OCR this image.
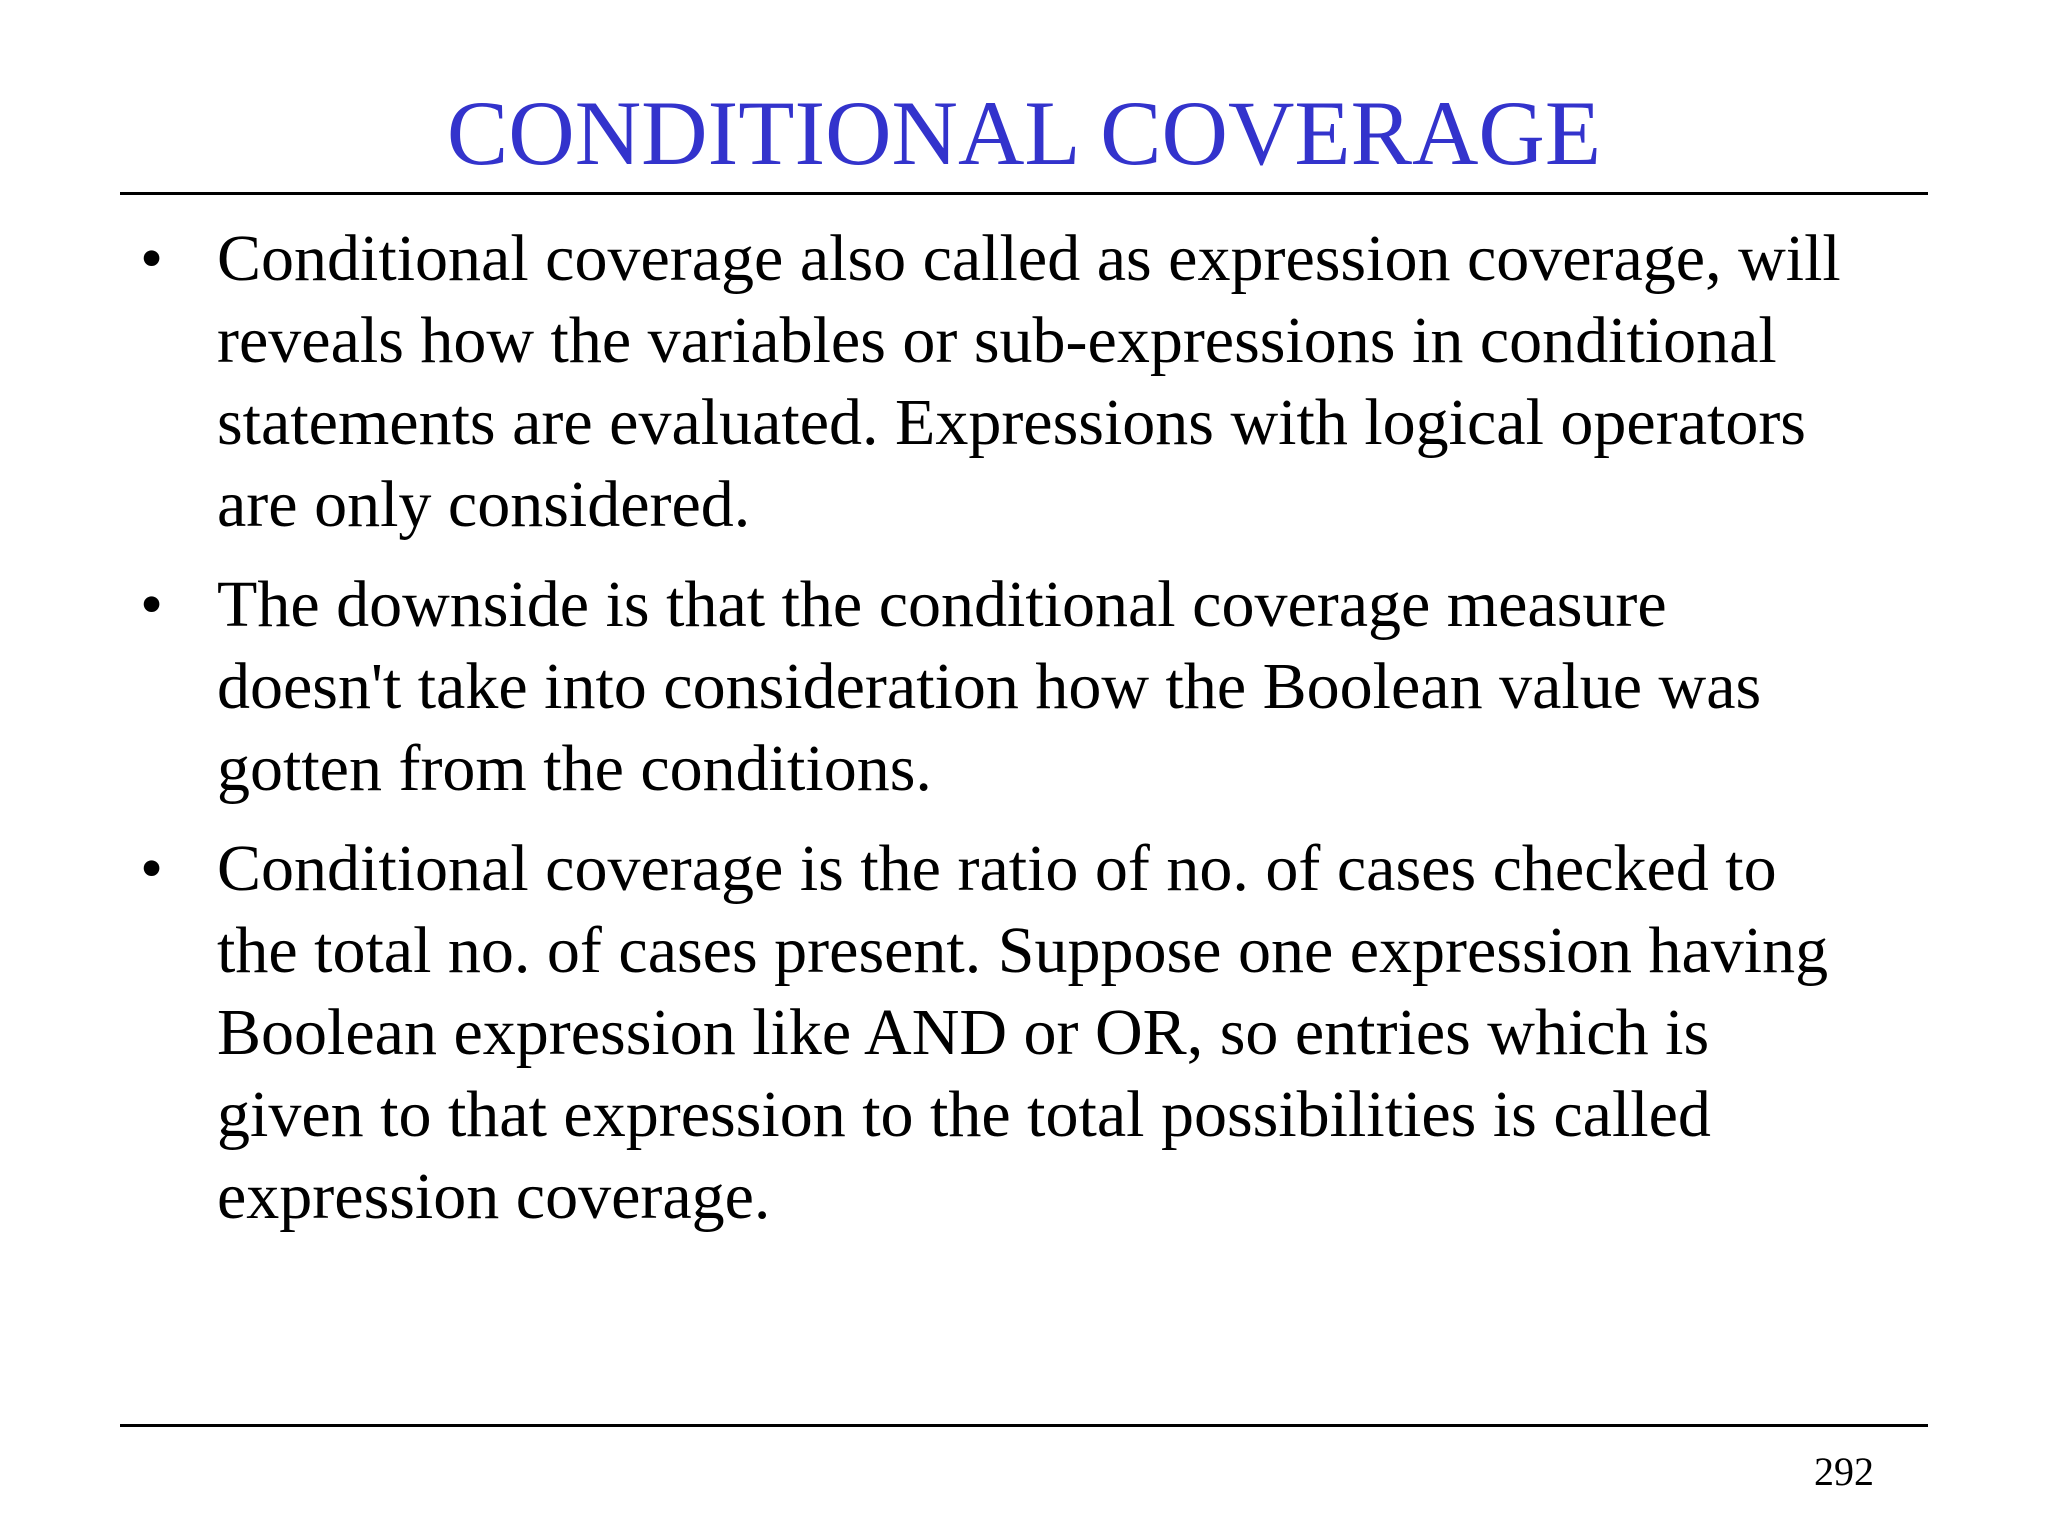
CONDITIONAL COVERAGE
• Conditional coverage also called as expression coverage, will
reveals how the variables or sub-expressions in conditional
statements are evaluated. Expressions with logical operators
are only considered.
• The downside is that the conditional coverage measure
doesn't take into consideration how the Boolean value was
gotten from the conditions.
• Conditional coverage is the ratio of no. of cases checked to
the total no. of cases present. Suppose one expression having
Boolean expression like AND or OR, so entries which is
given to that expression to the total possibilities is called
expression coverage.
292
